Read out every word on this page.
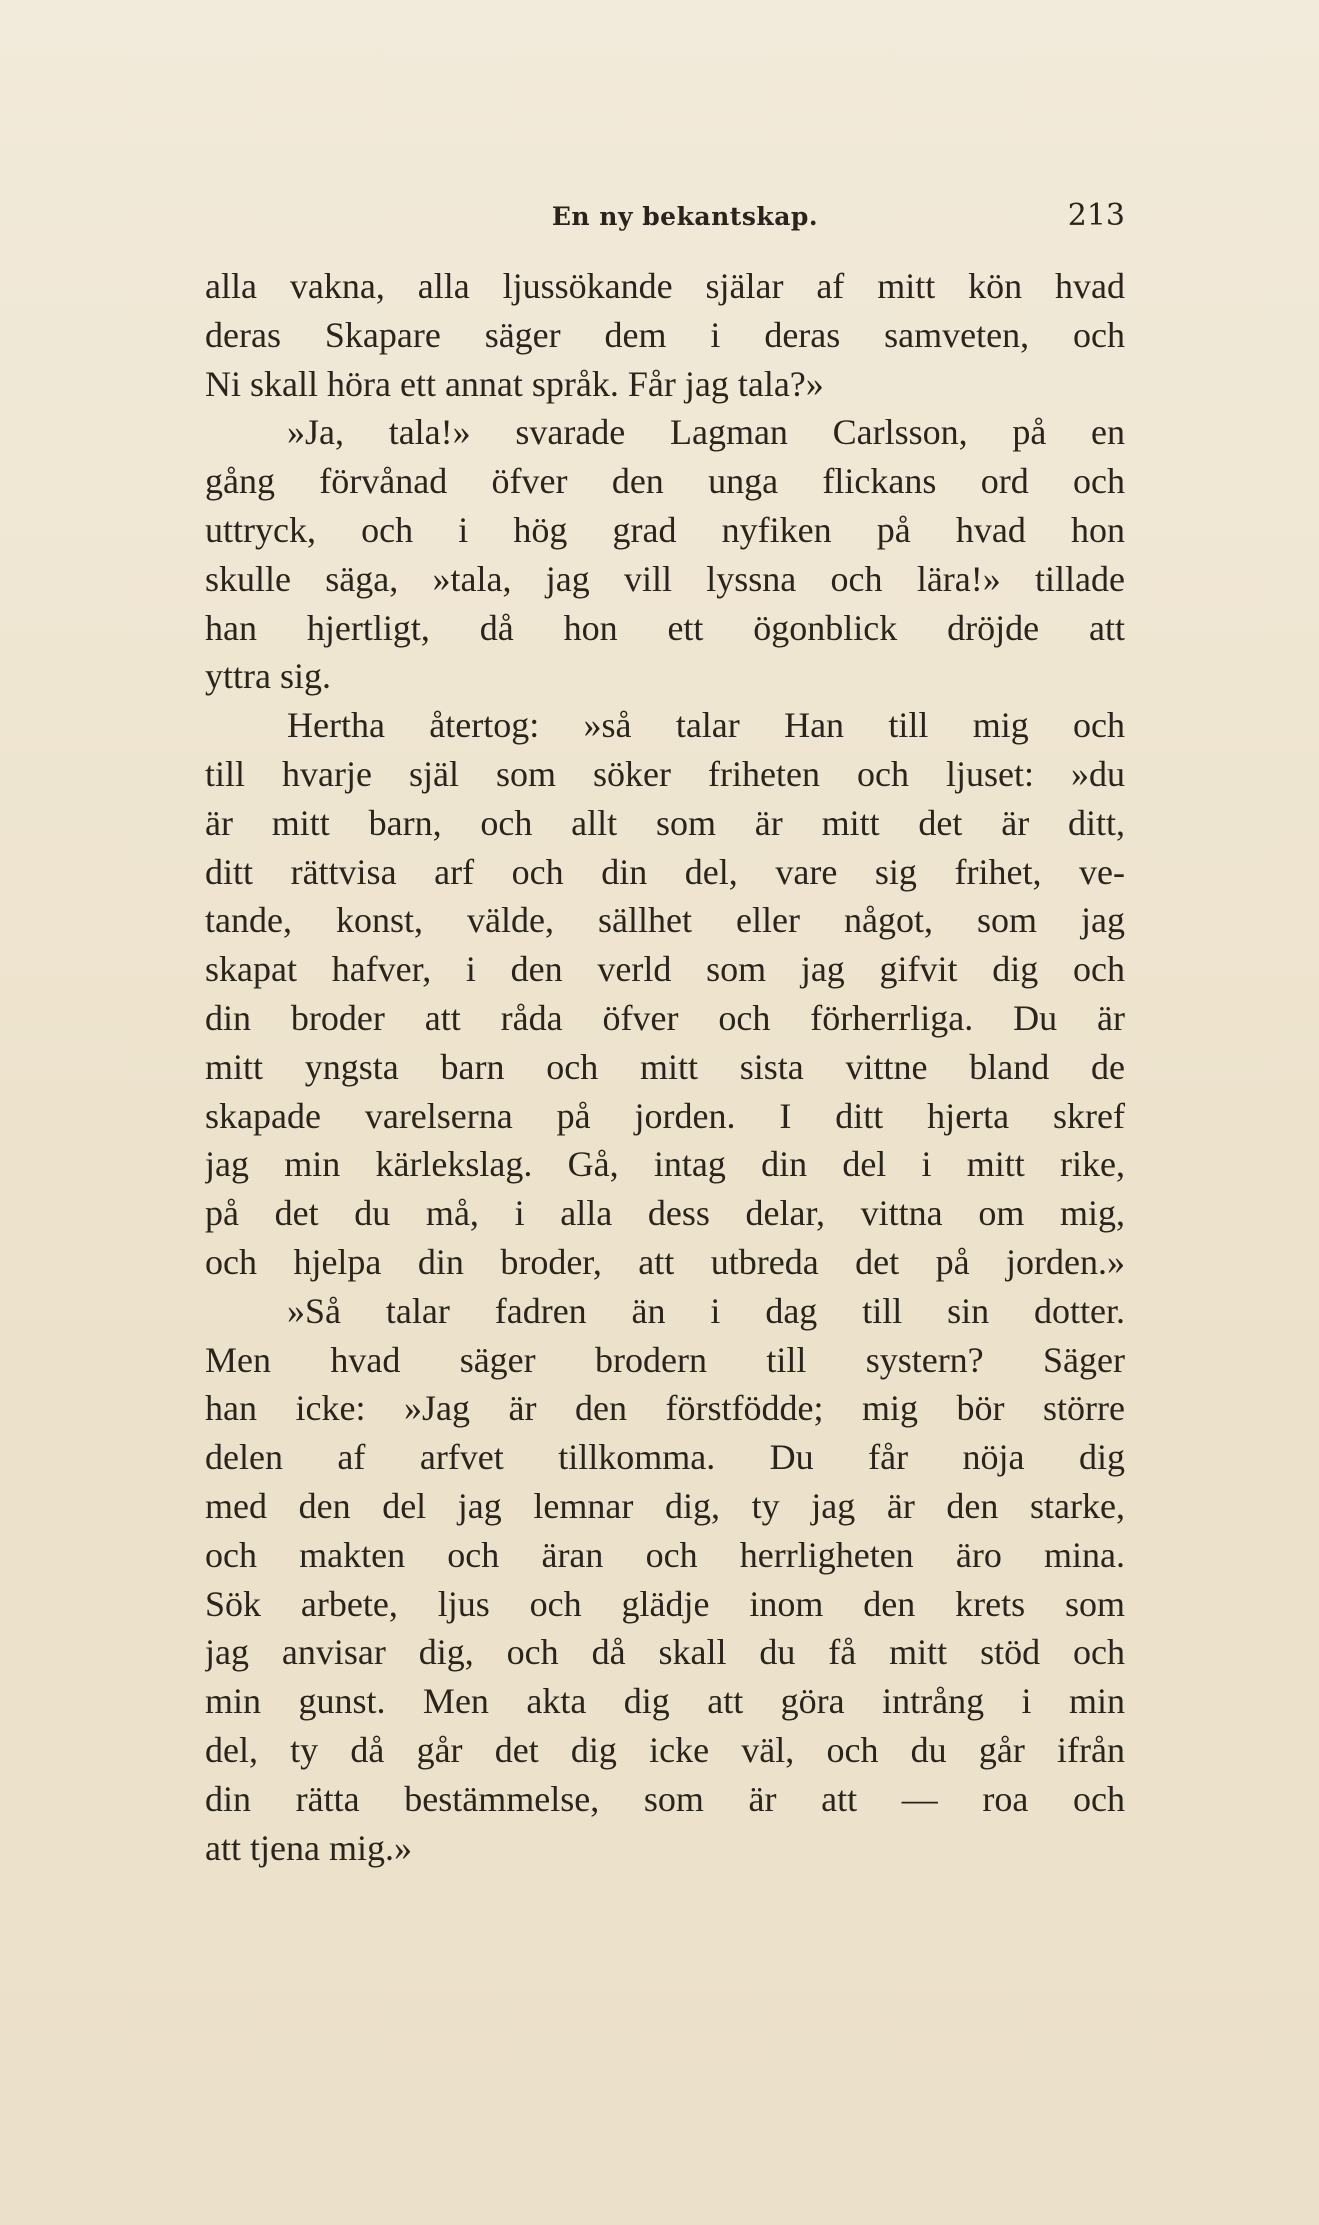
En ny bekantskap.	213
alla vakna, alla ljussökande själar af mitt kön hvad
deras Skapare säger dem i deras samveten, och
Ni skall höra ett annat språk. Får jag tala?»
»Ja, tala!» svarade Lagman Carlsson, på en
gång förvånad öfver den unga flickans ord och
uttryck, och i hög grad nyfiken på hvad hon
skulle säga, »tala, jag vill lyssna och lära!» tillade
han hjertligt, då hon ett ögonblick dröjde att
yttra sig.
Hertha återtog: »så talar Han till mig och
till hvarje själ som söker friheten och ljuset: »du
är mitt barn, och allt som är mitt det är ditt,
ditt rättvisa arf och din del, vare sig frihet, ve-
tande, konst, välde, sällhet eller något, som jag
skapat hafver, i den verld som jag gifvit dig och
din broder att råda öfver och förherrliga. Du är
mitt yngsta barn och mitt sista vittne bland de
skapade varelserna på jorden. I ditt hjerta skref
jag min kärlekslag. Gå, intag din del i mitt rike,
på det du må, i alla dess delar, vittna om mig,
och hjelpa din broder, att utbreda det på jorden.»
»Så talar fadren än i dag till sin dotter.
Men hvad säger brodern till systern? Säger
han icke: »Jag är den förstfödde; mig bör större
delen af arfvet tillkomma. Du får nöja dig
med den del jag lemnar dig, ty jag är den starke,
och makten och äran och herrligheten äro mina.
Sök arbete, ljus och glädje inom den krets som
jag anvisar dig, och då skall du få mitt stöd och
min gunst. Men akta dig att göra intrång i min
del, ty då går det dig icke väl, och du går ifrån
din rätta bestämmelse, som är att — roa och
att tjena mig.»
